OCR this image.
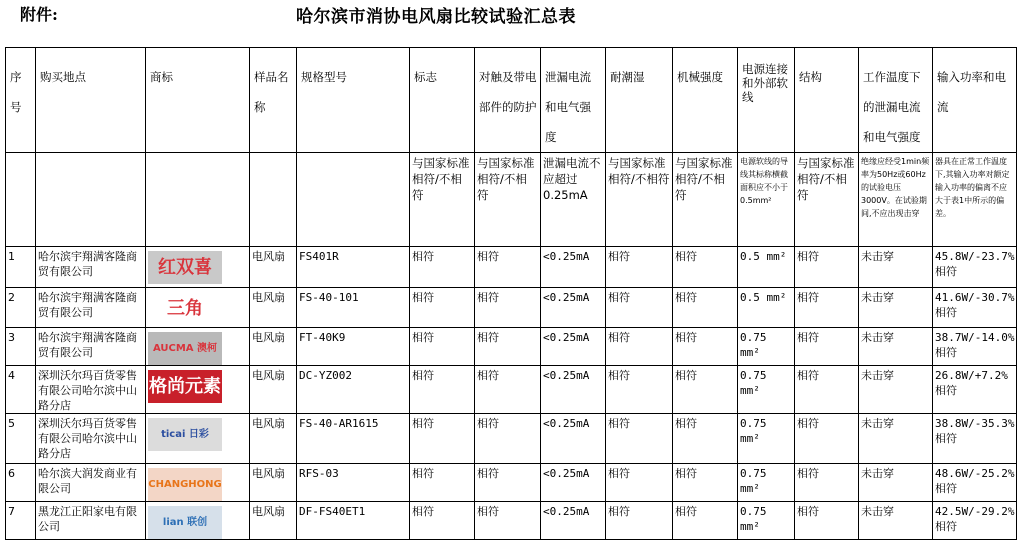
附件:	哈尔滨市消协电风扇比较试验汇总表
序号	购买地点	商标	样品名称	规格型号	标志	对触及带电部件的防护	泄漏电流和电气强度	耐潮湿	机械强度	电源连接和外部软线	结构	工作温度下的泄漏电流和电气强度	输入功率和电流
					与国家标准相符/不相符	与国家标准相符/不相符	泄漏电流不应超过0.25mA	与国家标准相符/不相符	与国家标准相符/不相符	电源软线的导线其标称横截面积应不小于0.5mm²	与国家标准相符/不相符	绝缘应经受1min频率为50Hz或60Hz的试验电压3000V。在试验期间,不应出现击穿	器具在正常工作温度下,其输入功率对额定输入功率的偏离不应大于表1中所示的偏差。
1	哈尔滨宇翔满客隆商贸有限公司	红双喜	电风扇	FS401R	相符	相符	<0.25mA	相符	相符	0.5 mm²	相符	未击穿	45.8W/-23.7%相符
2	哈尔滨宇翔满客隆商贸有限公司	三角	电风扇	FS-40-101	相符	相符	<0.25mA	相符	相符	0.5 mm²	相符	未击穿	41.6W/-30.7%相符
3	哈尔滨宇翔满客隆商贸有限公司	AUCMA 澳柯	电风扇	FT-40K9	相符	相符	<0.25mA	相符	相符	0.75 mm²	相符	未击穿	38.7W/-14.0%相符
4	深圳沃尔玛百货零售有限公司哈尔滨中山路分店	格尚元素	电风扇	DC-YZ002	相符	相符	<0.25mA	相符	相符	0.75 mm²	相符	未击穿	26.8W/+7.2%相符
5	深圳沃尔玛百货零售有限公司哈尔滨中山路分店	ticai 日彩	电风扇	FS-40-AR1615	相符	相符	<0.25mA	相符	相符	0.75 mm²	相符	未击穿	38.8W/-35.3%相符
6	哈尔滨大润发商业有限公司	CHANGHONG	电风扇	RFS-03	相符	相符	<0.25mA	相符	相符	0.75 mm²	相符	未击穿	48.6W/-25.2%相符
7	黑龙江正阳家电有限公司	lian 联创	电风扇	DF-FS40ET1	相符	相符	<0.25mA	相符	相符	0.75 mm²	相符	未击穿	42.5W/-29.2%相符
